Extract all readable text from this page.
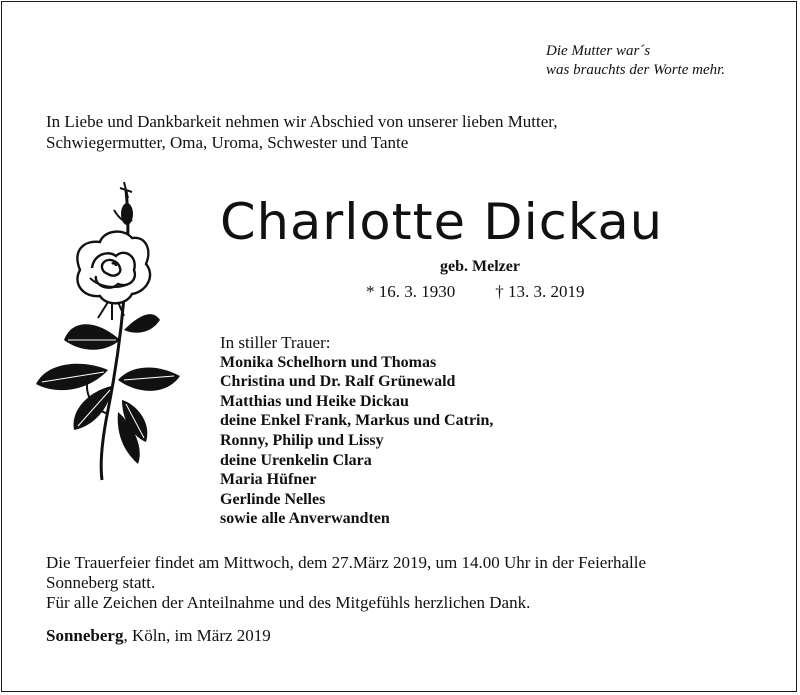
Die Mutter war´s
was brauchts der Worte mehr.
In Liebe und Dankbarkeit nehmen wir Abschied von unserer lieben Mutter,
Schwiegermutter, Oma, Uroma, Schwester und Tante
Charlotte Dickau
geb. Melzer
* 16. 3. 1930 † 13. 3. 2019
In stiller Trauer:
Monika Schelhorn und Thomas
Christina und Dr. Ralf Grünewald
Matthias und Heike Dickau
deine Enkel Frank, Markus und Catrin,
Ronny, Philip und Lissy
deine Urenkelin Clara
Maria Hüfner
Gerlinde Nelles
sowie alle Anverwandten
Die Trauerfeier findet am Mittwoch, dem 27.März 2019, um 14.00 Uhr in der Feierhalle
Sonneberg statt.
Für alle Zeichen der Anteilnahme und des Mitgefühls herzlichen Dank.
Sonneberg, Köln, im März 2019
